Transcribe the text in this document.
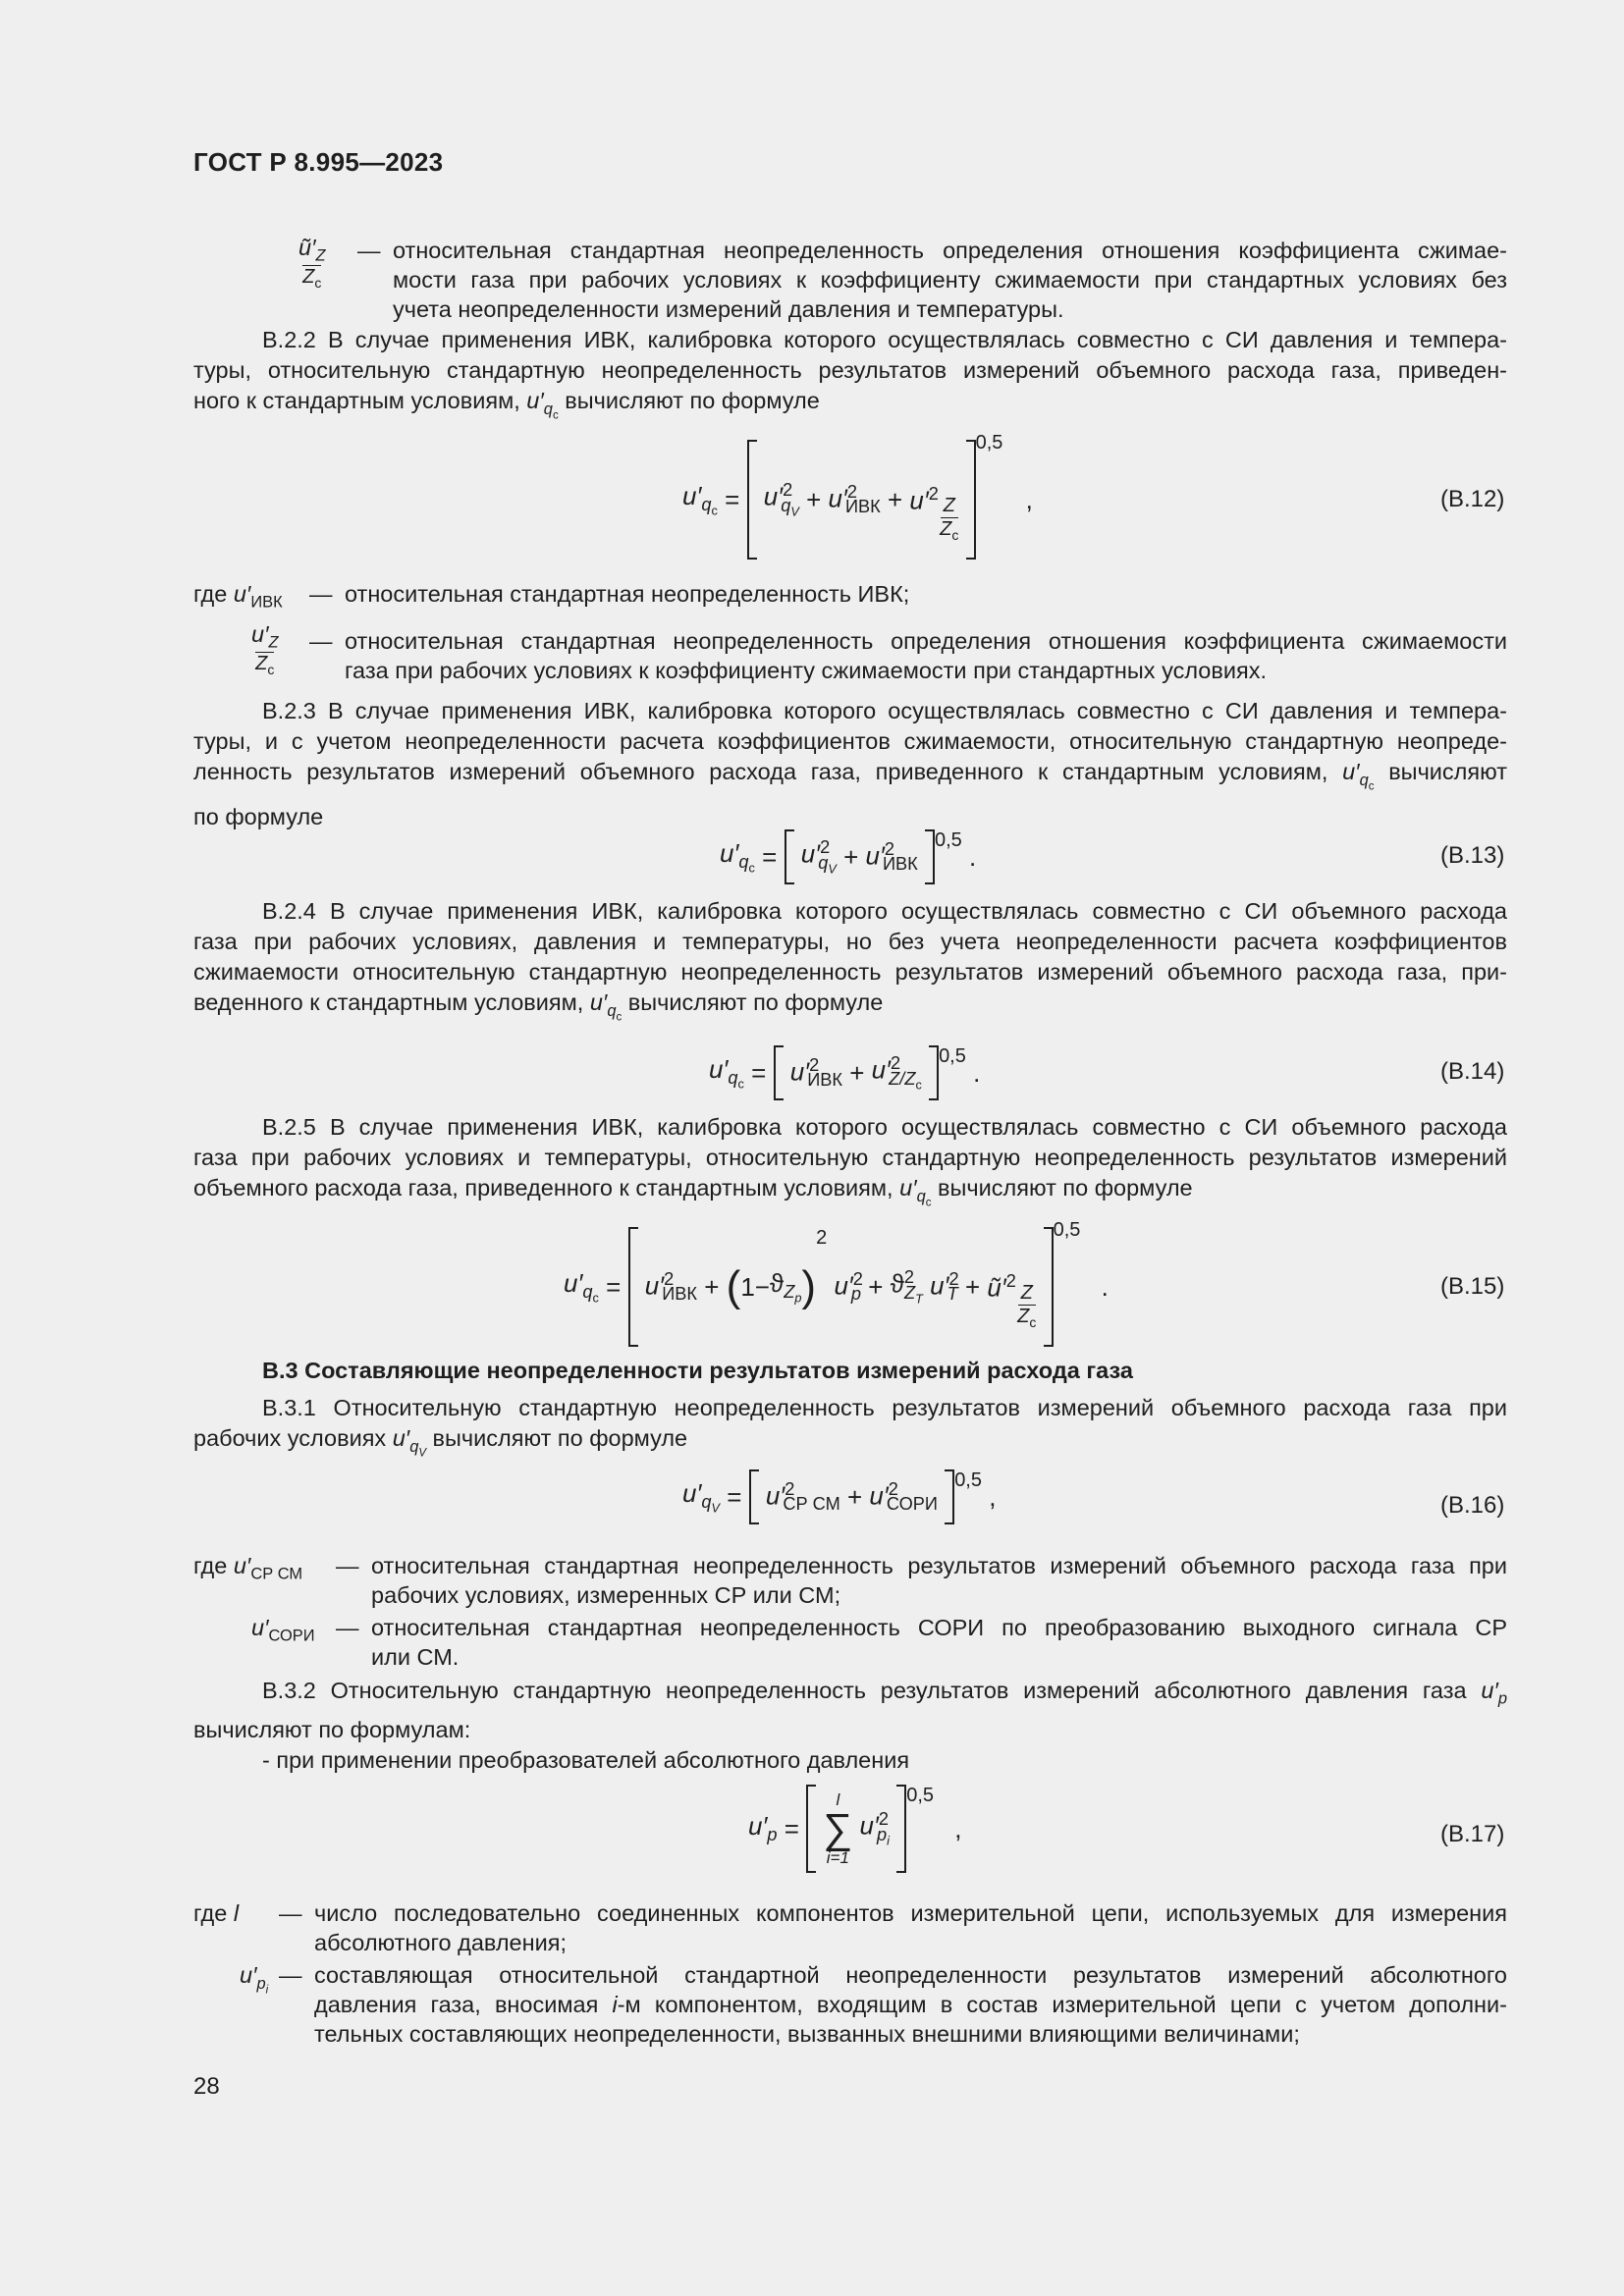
ГОСТ Р 8.995—2023
$\frac{ũ'_Z}{Z_с}$ — относительная стандартная неопределенность определения отношения коэффициента сжимае-
мости газа при рабочих условиях к коэффициенту сжимаемости при стандартных условиях без
учета неопределенности измерений давления и температуры.
В.2.2 В случае применения ИВК, калибровка которого осуществлялась совместно с СИ давления и темпера-
туры, относительную стандартную неопределенность результатов измерений объемного расхода газа, приведен-
ного к стандартным условиям, $u'_{q_с}$ вычисляют по формуле
$u'_{q_с} = u'^2_{q_V} + u'^2_{ИВК} + u'^2$
$\frac{Z}{Z_с}$
$^{0,5}$ ,	(В.12)
где $u'_{ИВК}$ — относительная стандартная неопределенность ИВК;
$\frac{u'_Z}{Z_с}$ — относительная стандартная неопределенность определения отношения коэффициента сжимаемости
газа при рабочих условиях к коэффициенту сжимаемости при стандартных условиях.
В.2.3 В случае применения ИВК, калибровка которого осуществлялась совместно с СИ давления и темпера-
туры, и с учетом неопределенности расчета коэффициентов сжимаемости, относительную стандартную неопреде-
ленность результатов измерений объемного расхода газа, приведенного к стандартным условиям, $u'_{q_с}$ вычисляют
по формуле
$u'_{q_с} = u'^2_{q_V} + u'^2_{ИВК}$ $^{0,5}$ .	(В.13)
В.2.4 В случае применения ИВК, калибровка которого осуществлялась совместно с СИ объемного расхода
газа при рабочих условиях, давления и температуры, но без учета неопределенности расчета коэффициентов
сжимаемости относительную стандартную неопределенность результатов измерений объемного расхода газа, при-
веденного к стандартным условиям, $u'_{q_с}$ вычисляют по формуле
$u'_{q_с} = u'^2_{ИВК} + u'^2_{Z/Z_с}$ $^{0,5}$ .	(В.14)
В.2.5 В случае применения ИВК, калибровка которого осуществлялась совместно с СИ объемного расхода
газа при рабочих условиях и температуры, относительную стандартную неопределенность результатов измерений
объемного расхода газа, приведенного к стандартным условиям, $u'_{q_с}$ вычисляют по формуле
$u'_{q_с} = u'^2_{ИВК} + (1-ϑ_{Z_p})^2$ $u'^2_p + ϑ^2_{Z_T}$ $u'^2_T$ + $ũ'^2$
$\frac{Z}{Z_с}$
$^{0,5}$ .	(В.15)
В.3 Составляющие неопределенности результатов измерений расхода газа
В.3.1 Относительную стандартную неопределенность результатов измерений объемного расхода газа при
рабочих условиях $u'_{q_V}$ вычисляют по формуле
$u'_{q_V} = u'^2_{СР СМ} + u'^2_{СОРИ}$ $^{0,5}$ ,	(В.16)
где $u'_{СР СМ}$ — относительная стандартная неопределенность результатов измерений объемного расхода газа при
рабочих условиях, измеренных СР или СМ;
$u'_{СОРИ}$ — относительная стандартная неопределенность СОРИ по преобразованию выходного сигнала СР
или СМ.
В.3.2 Относительную стандартную неопределенность результатов измерений абсолютного давления газа $u'_p$
вычисляют по формулам:
- при применении преобразователей абсолютного давления
$u'_p$ =
l
∑
i=1
$u'^2_{p_i}$ $^{0,5}$ ,	(В.17)
где l — число последовательно соединенных компонентов измерительной цепи, используемых для измерения
абсолютного давления;
$u'_{p_i}$
— составляющая относительной стандартной неопределенности результатов измерений абсолютного
давления газа, вносимая i-м компонентом, входящим в состав измерительной цепи с учетом дополни-
тельных составляющих неопределенности, вызванных внешними влияющими величинами;
28
